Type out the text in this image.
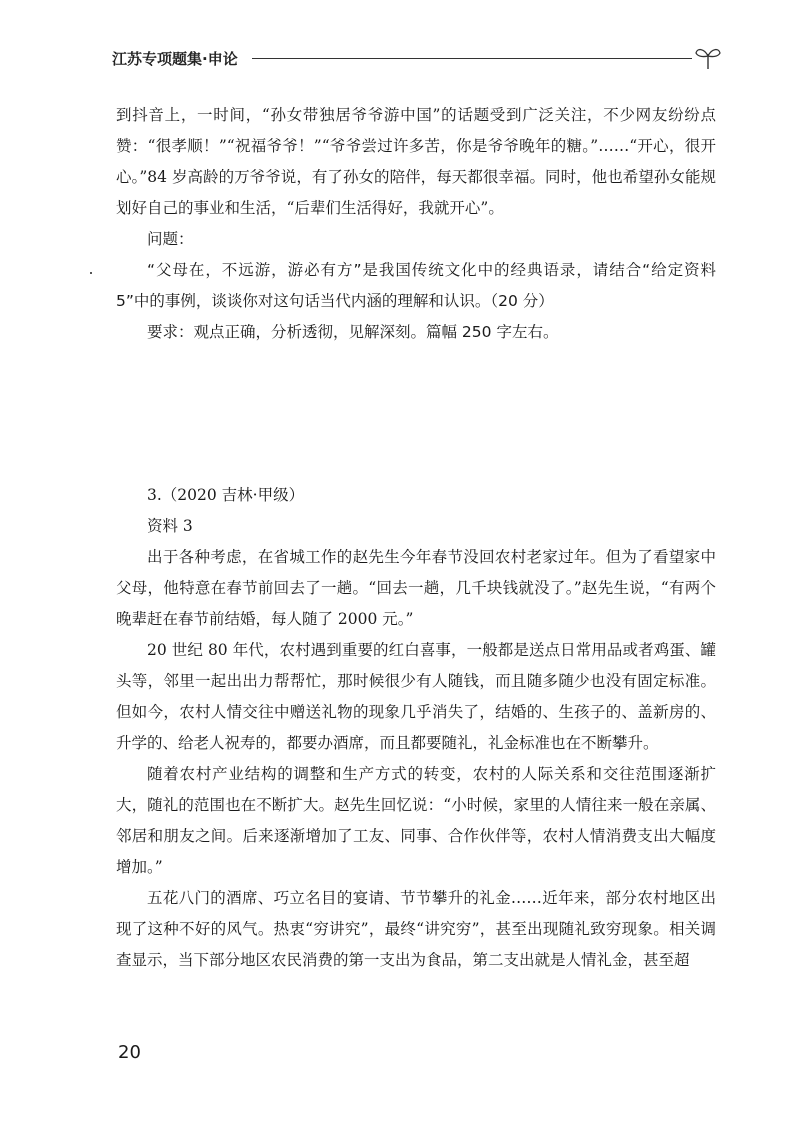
江苏专项题集·申论

到抖音上，一时间，“孙女带独居爷爷游中国”的话题受到广泛关注，不少网友纷纷点赞：“很孝顺！”“祝福爷爷！”“爷爷尝过许多苦，你是爷爷晚年的糖。”……“开心，很开心。”84 岁高龄的万爷爷说，有了孙女的陪伴，每天都很幸福。同时，他也希望孙女能规划好自己的事业和生活，“后辈们生活得好，我就开心”。

问题：

“父母在，不远游，游必有方”是我国传统文化中的经典语录，请结合“给定资料 5”中的事例，谈谈你对这句话当代内涵的理解和认识。（20 分）

要求：观点正确，分析透彻，见解深刻。篇幅 250 字左右。

3.（2020 吉林·甲级）

资料 3

出于各种考虑，在省城工作的赵先生今年春节没回农村老家过年。但为了看望家中父母，他特意在春节前回去了一趟。“回去一趟，几千块钱就没了。”赵先生说，“有两个晚辈赶在春节前结婚，每人随了 2000 元。”

20 世纪 80 年代，农村遇到重要的红白喜事，一般都是送点日常用品或者鸡蛋、罐头等，邻里一起出出力帮帮忙，那时候很少有人随钱，而且随多随少也没有固定标准。但如今，农村人情交往中赠送礼物的现象几乎消失了，结婚的、生孩子的、盖新房的、升学的、给老人祝寿的，都要办酒席，而且都要随礼，礼金标准也在不断攀升。

随着农村产业结构的调整和生产方式的转变，农村的人际关系和交往范围逐渐扩大，随礼的范围也在不断扩大。赵先生回忆说：“小时候，家里的人情往来一般在亲属、邻居和朋友之间。后来逐渐增加了工友、同事、合作伙伴等，农村人情消费支出大幅度增加。”

五花八门的酒席、巧立名目的宴请、节节攀升的礼金……近年来，部分农村地区出现了这种不好的风气。热衷“穷讲究”，最终“讲究穷”，甚至出现随礼致穷现象。相关调查显示，当下部分地区农民消费的第一支出为食品，第二支出就是人情礼金，甚至超

20
